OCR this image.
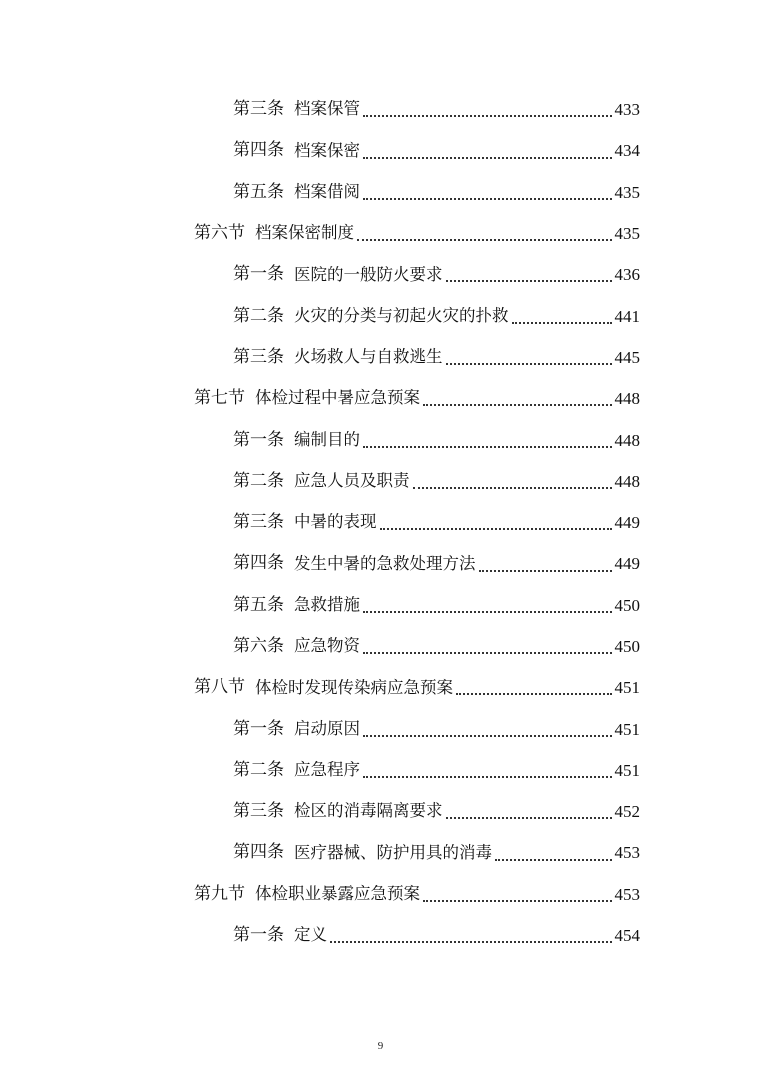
第三条 档案保管	433
第四条 档案保密	434
第五条 档案借阅	435
第六节 档案保密制度	435
第一条 医院的一般防火要求	436
第二条 火灾的分类与初起火灾的扑救	441
第三条 火场救人与自救逃生	445
第七节 体检过程中暑应急预案	448
第一条 编制目的	448
第二条 应急人员及职责	448
第三条 中暑的表现	449
第四条 发生中暑的急救处理方法	449
第五条 急救措施	450
第六条 应急物资	450
第八节 体检时发现传染病应急预案	451
第一条 启动原因	451
第二条 应急程序	451
第三条 检区的消毒隔离要求	452
第四条 医疗器械、防护用具的消毒	453
第九节 体检职业暴露应急预案	453
第一条 定义	454
9
